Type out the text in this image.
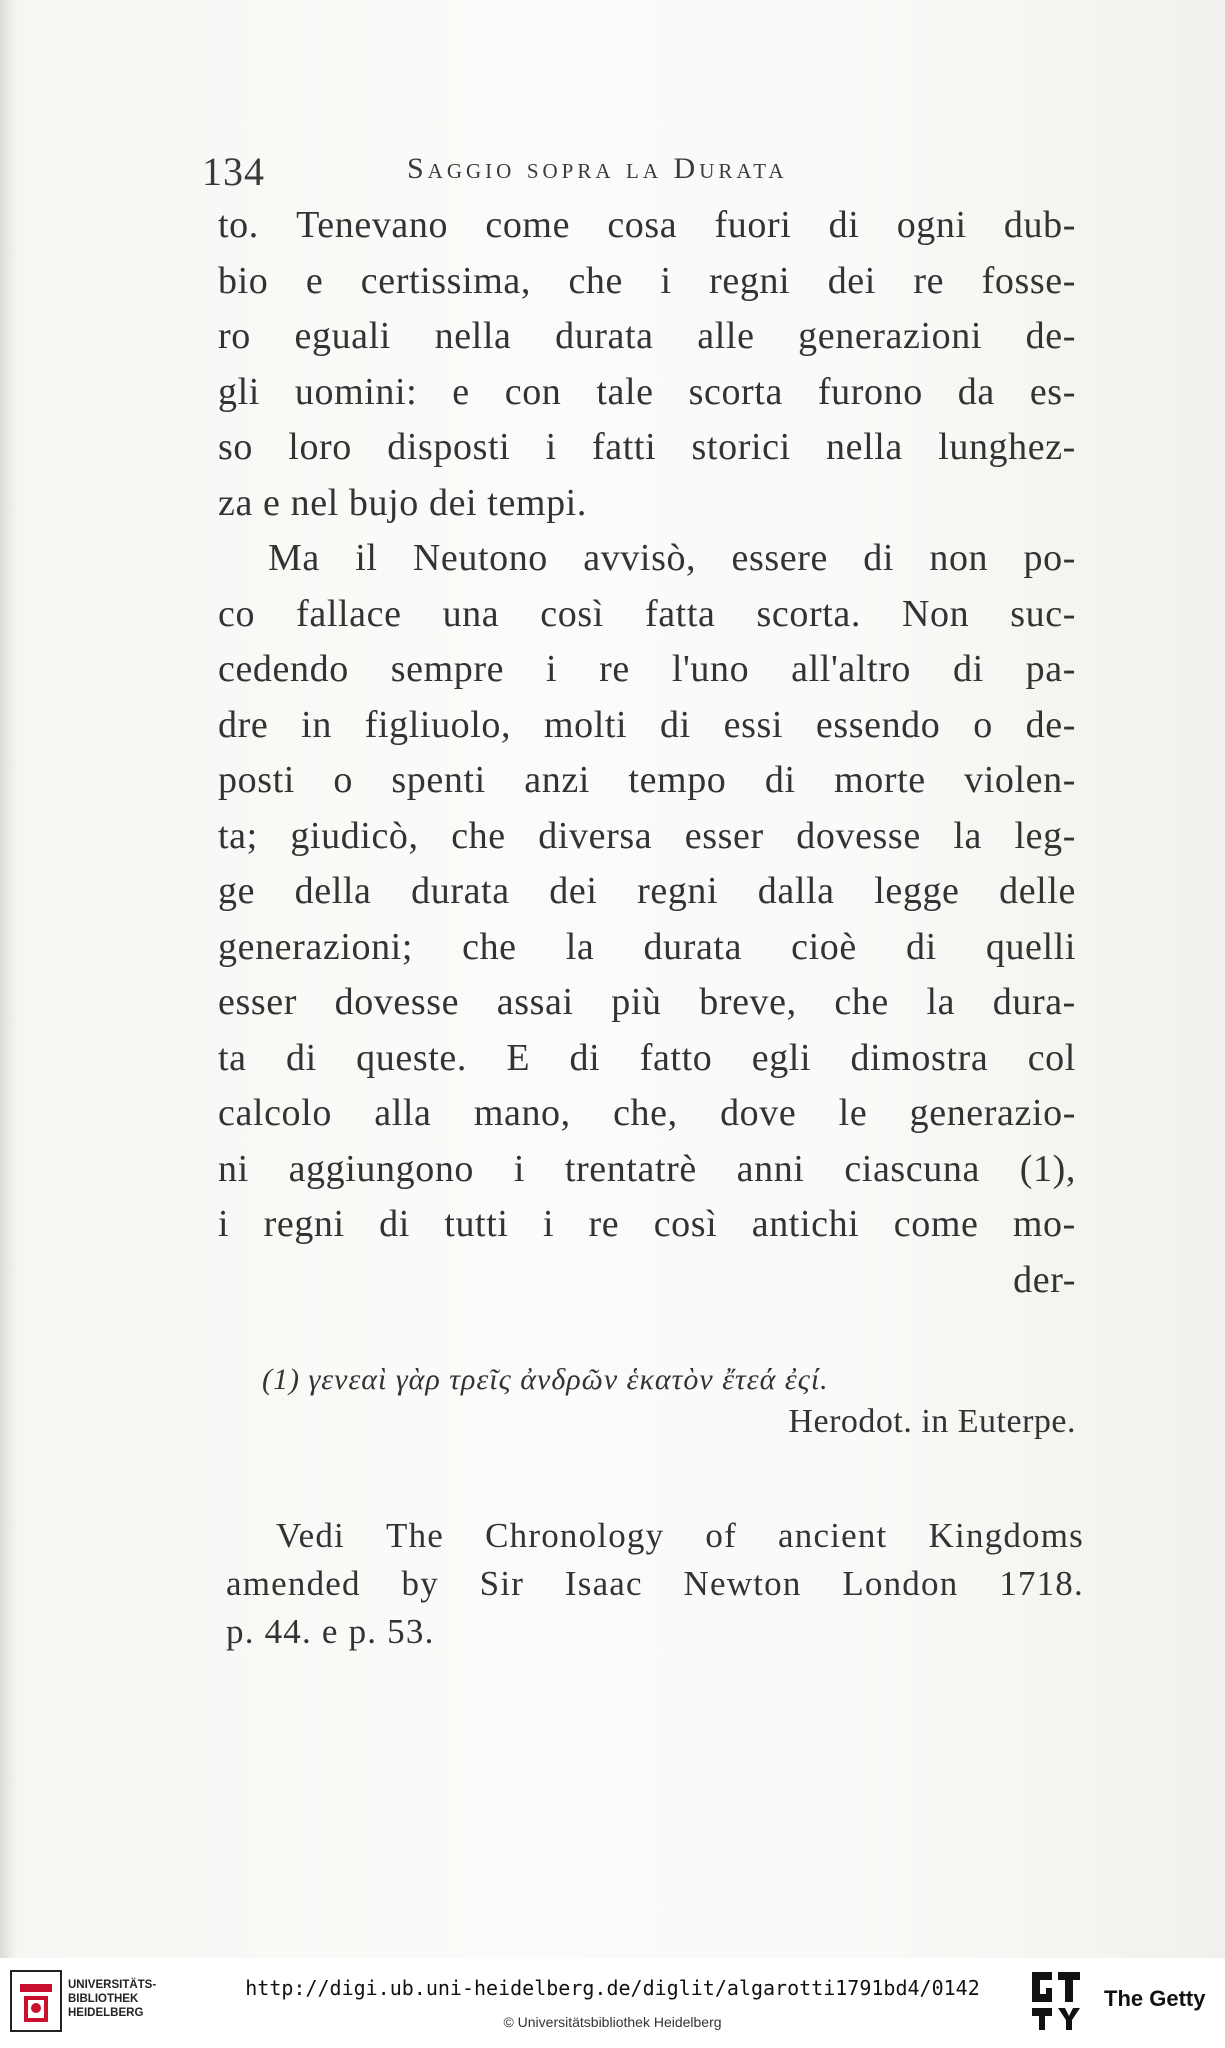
134	Saggio sopra la Durata
to. Tenevano come cosa fuori di ogni dub-
bio e certissima, che i regni dei re fosse-
ro eguali nella durata alle generazioni de-
gli uomini: e con tale scorta furono da es-
so loro disposti i fatti storici nella lunghez-
za e nel bujo dei tempi.
Ma il Neutono avvisò, essere di non po-
co fallace una così fatta scorta. Non suc-
cedendo sempre i re l'uno all'altro di pa-
dre in figliuolo, molti di essi essendo o de-
posti o spenti anzi tempo di morte violen-
ta; giudicò, che diversa esser dovesse la leg-
ge della durata dei regni dalla legge delle
generazioni; che la durata cioè di quelli
esser dovesse assai più breve, che la dura-
ta di queste. E di fatto egli dimostra col
calcolo alla mano, che, dove le generazio-
ni aggiungono i trentatrè anni ciascuna (1),
i regni di tutti i re così antichi come mo-
der-
(1) γενεαὶ γὰρ τρεῖς ἀνδρῶν ἑκατὸν ἔτεά ἐςί.
Herodot. in Euterpe.
Vedi The Chronology of ancient Kingdoms
amended by Sir Isaac Newton London 1718.
p. 44. e p. 53.
UNIVERSITÄTS-
BIBLIOTHEK
HEIDELBERG
http://digi.ub.uni-heidelberg.de/diglit/algarotti1791bd4/0142
© Universitätsbibliothek Heidelberg
The Getty
